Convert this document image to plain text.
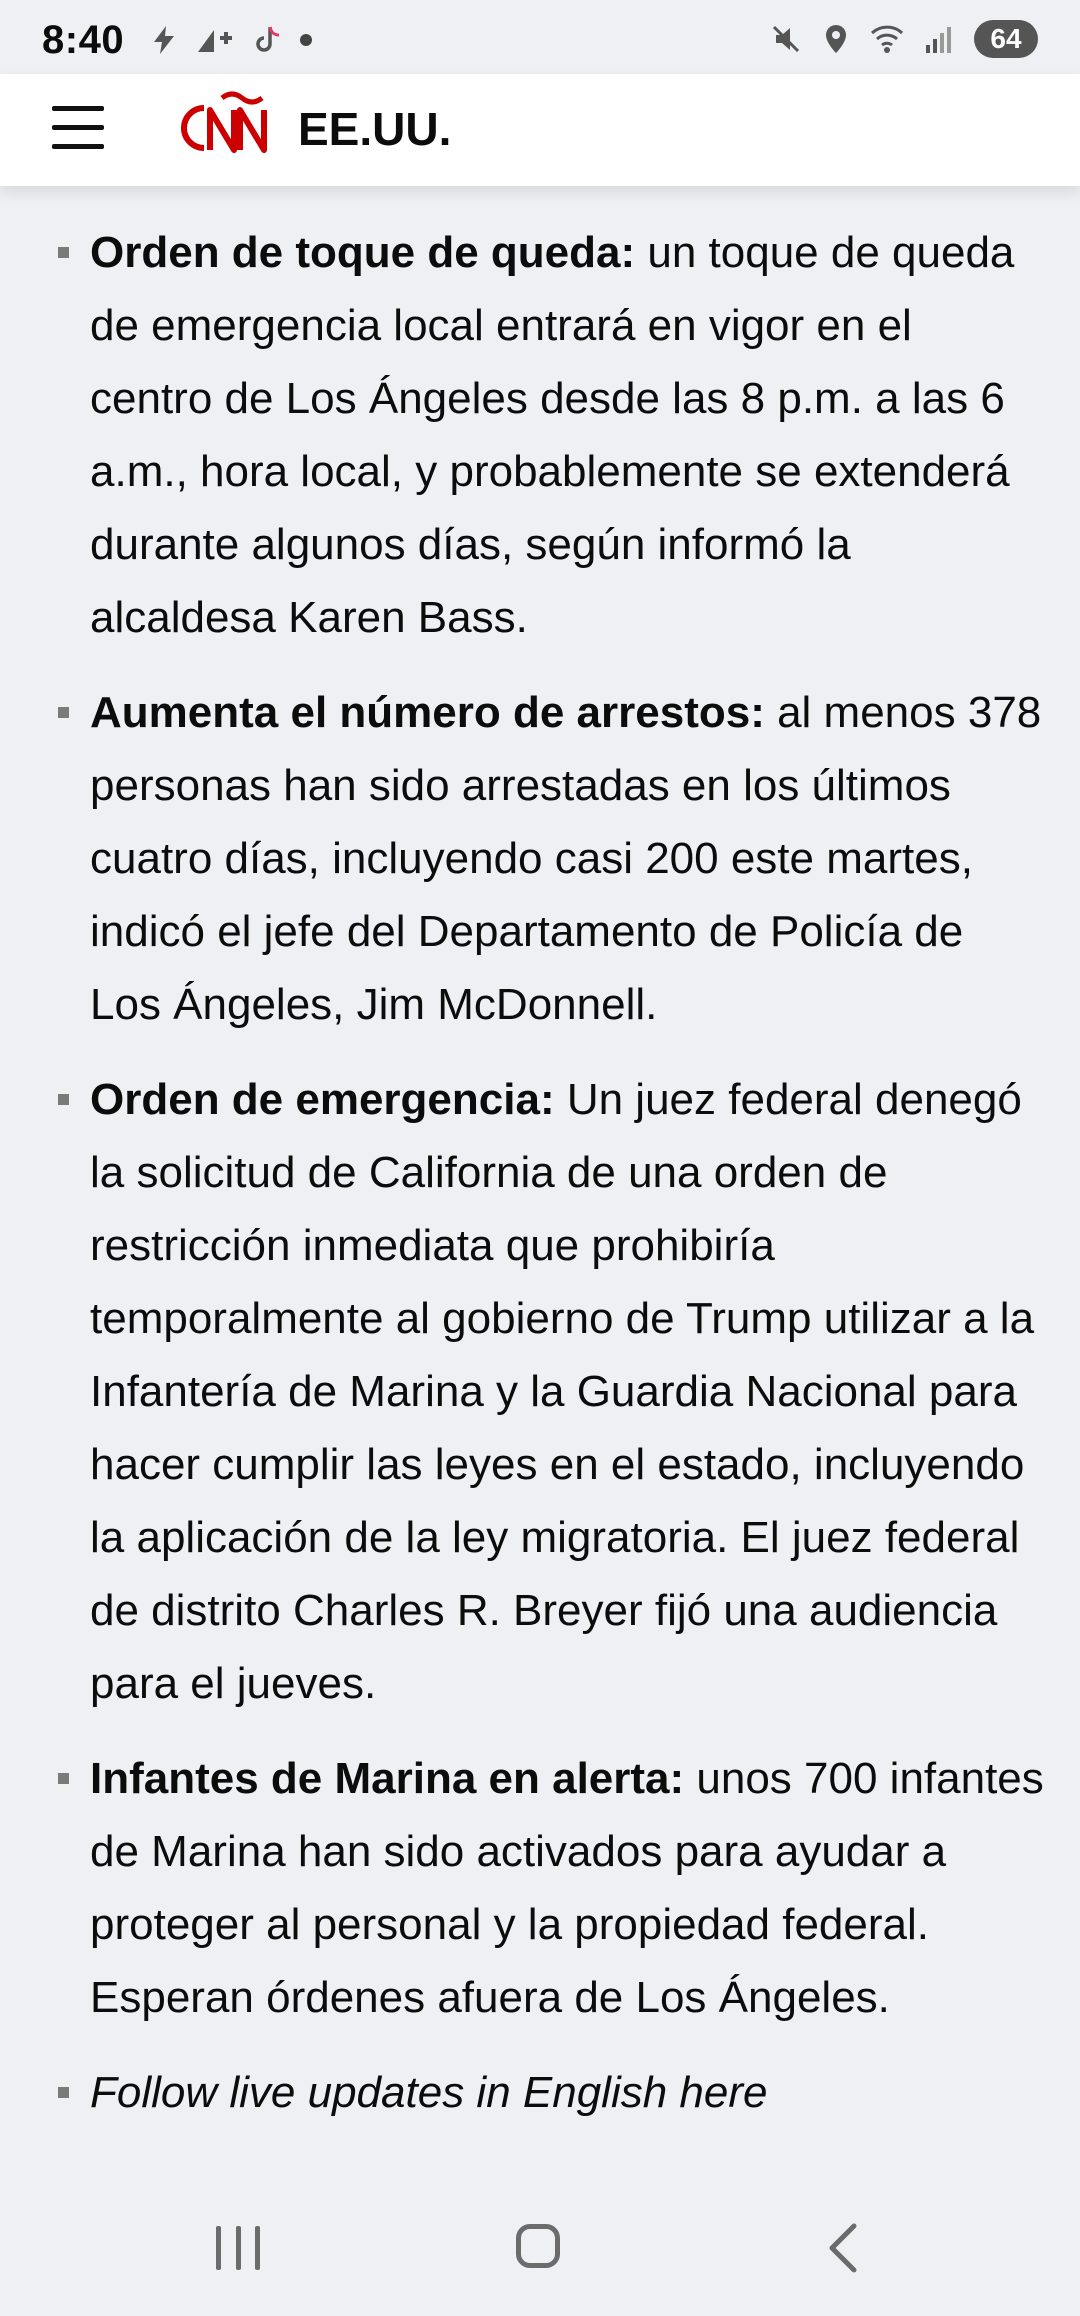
8:40	64
EE.UU.
Orden de toque de queda: un toque de queda de emergencia local entrará en vigor en el centro de Los Ángeles desde las 8 p.m. a las 6 a.m., hora local, y probablemente se extenderá durante algunos días, según informó la alcaldesa Karen Bass.
Aumenta el número de arrestos: al menos 378 personas han sido arrestadas en los últimos cuatro días, incluyendo casi 200 este martes, indicó el jefe del Departamento de Policía de Los Ángeles, Jim McDonnell.
Orden de emergencia: Un juez federal denegó la solicitud de California de una orden de restricción inmediata que prohibiría temporalmente al gobierno de Trump utilizar a la Infantería de Marina y la Guardia Nacional para hacer cumplir las leyes en el estado, incluyendo la aplicación de la ley migratoria. El juez federal de distrito Charles R. Breyer fijó una audiencia para el jueves.
Infantes de Marina en alerta: unos 700 infantes de Marina han sido activados para ayudar a proteger al personal y la propiedad federal. Esperan órdenes afuera de Los Ángeles.
Follow live updates in English here
